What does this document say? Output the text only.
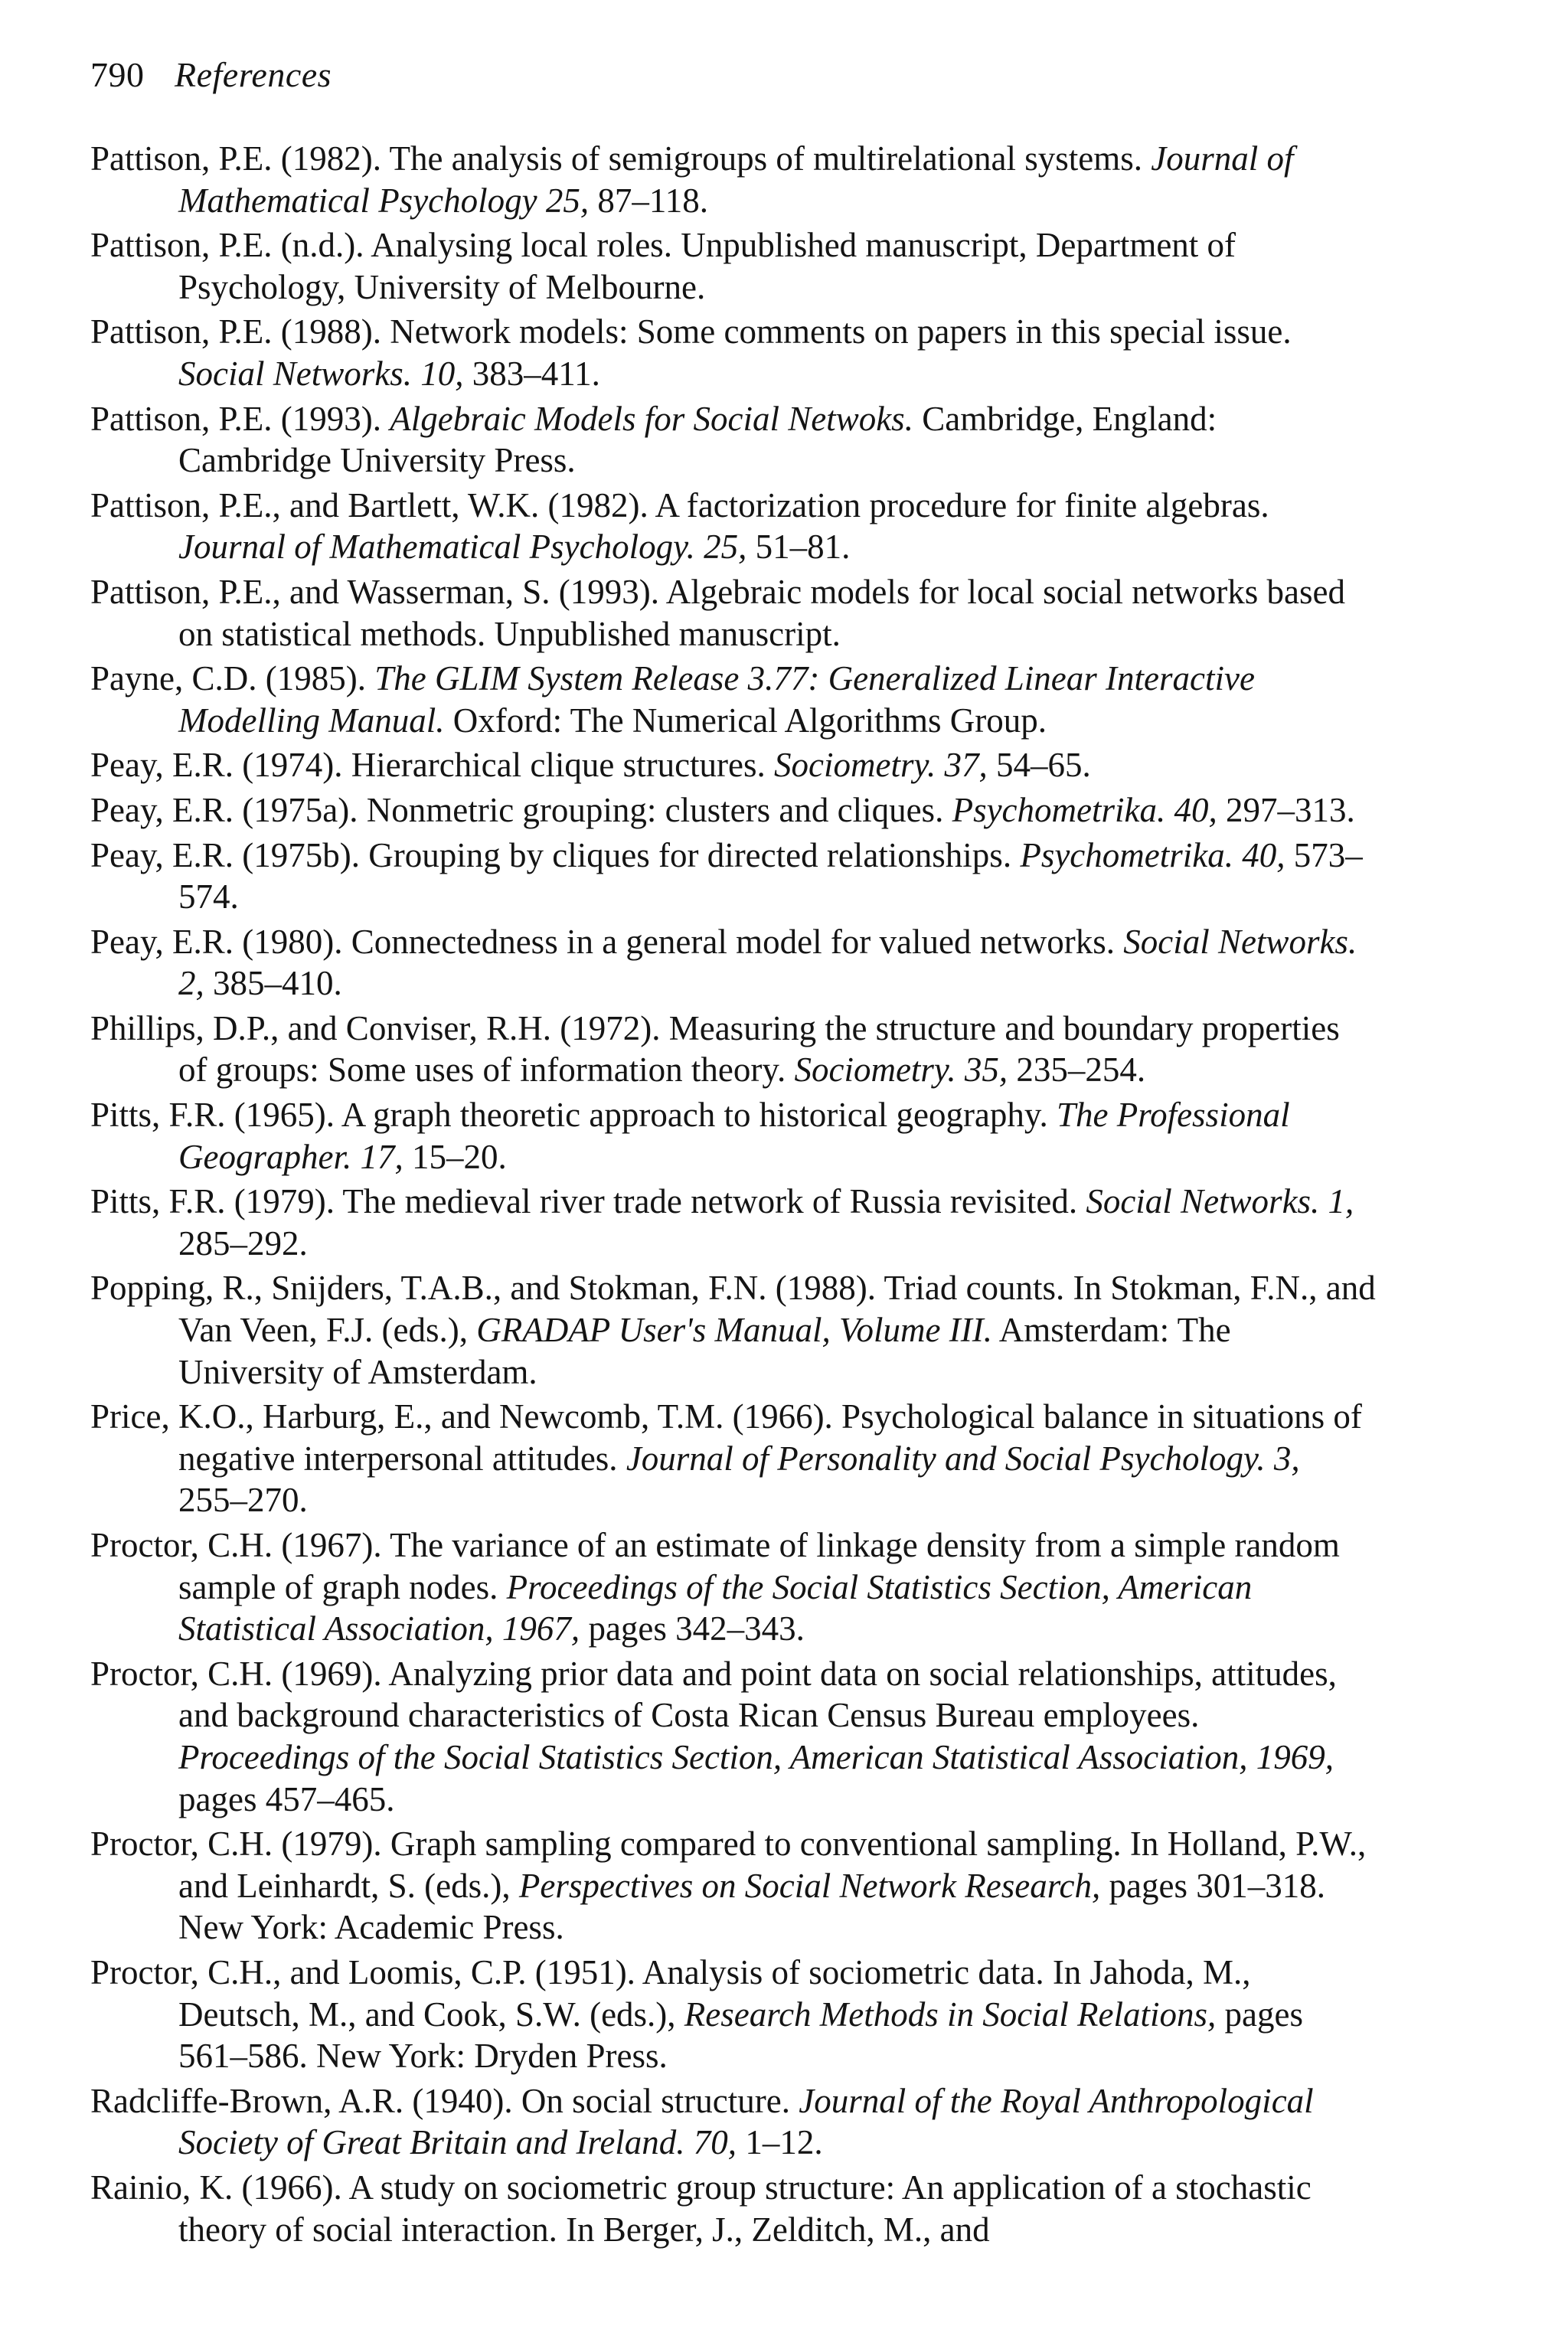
790 References
Pattison, P.E. (1982). The analysis of semigroups of multirelational systems. Journal of Mathematical Psychology 25, 87–118.
Pattison, P.E. (n.d.). Analysing local roles. Unpublished manuscript, Department of Psychology, University of Melbourne.
Pattison, P.E. (1988). Network models: Some comments on papers in this special issue. Social Networks. 10, 383–411.
Pattison, P.E. (1993). Algebraic Models for Social Netwoks. Cambridge, England: Cambridge University Press.
Pattison, P.E., and Bartlett, W.K. (1982). A factorization procedure for finite algebras. Journal of Mathematical Psychology. 25, 51–81.
Pattison, P.E., and Wasserman, S. (1993). Algebraic models for local social networks based on statistical methods. Unpublished manuscript.
Payne, C.D. (1985). The GLIM System Release 3.77: Generalized Linear Interactive Modelling Manual. Oxford: The Numerical Algorithms Group.
Peay, E.R. (1974). Hierarchical clique structures. Sociometry. 37, 54–65.
Peay, E.R. (1975a). Nonmetric grouping: clusters and cliques. Psychometrika. 40, 297–313.
Peay, E.R. (1975b). Grouping by cliques for directed relationships. Psychometrika. 40, 573–574.
Peay, E.R. (1980). Connectedness in a general model for valued networks. Social Networks. 2, 385–410.
Phillips, D.P., and Conviser, R.H. (1972). Measuring the structure and boundary properties of groups: Some uses of information theory. Sociometry. 35, 235–254.
Pitts, F.R. (1965). A graph theoretic approach to historical geography. The Professional Geographer. 17, 15–20.
Pitts, F.R. (1979). The medieval river trade network of Russia revisited. Social Networks. 1, 285–292.
Popping, R., Snijders, T.A.B., and Stokman, F.N. (1988). Triad counts. In Stokman, F.N., and Van Veen, F.J. (eds.), GRADAP User's Manual, Volume III. Amsterdam: The University of Amsterdam.
Price, K.O., Harburg, E., and Newcomb, T.M. (1966). Psychological balance in situations of negative interpersonal attitudes. Journal of Personality and Social Psychology. 3, 255–270.
Proctor, C.H. (1967). The variance of an estimate of linkage density from a simple random sample of graph nodes. Proceedings of the Social Statistics Section, American Statistical Association, 1967, pages 342–343.
Proctor, C.H. (1969). Analyzing prior data and point data on social relationships, attitudes, and background characteristics of Costa Rican Census Bureau employees. Proceedings of the Social Statistics Section, American Statistical Association, 1969, pages 457–465.
Proctor, C.H. (1979). Graph sampling compared to conventional sampling. In Holland, P.W., and Leinhardt, S. (eds.), Perspectives on Social Network Research, pages 301–318. New York: Academic Press.
Proctor, C.H., and Loomis, C.P. (1951). Analysis of sociometric data. In Jahoda, M., Deutsch, M., and Cook, S.W. (eds.), Research Methods in Social Relations, pages 561–586. New York: Dryden Press.
Radcliffe-Brown, A.R. (1940). On social structure. Journal of the Royal Anthropological Society of Great Britain and Ireland. 70, 1–12.
Rainio, K. (1966). A study on sociometric group structure: An application of a stochastic theory of social interaction. In Berger, J., Zelditch, M., and
